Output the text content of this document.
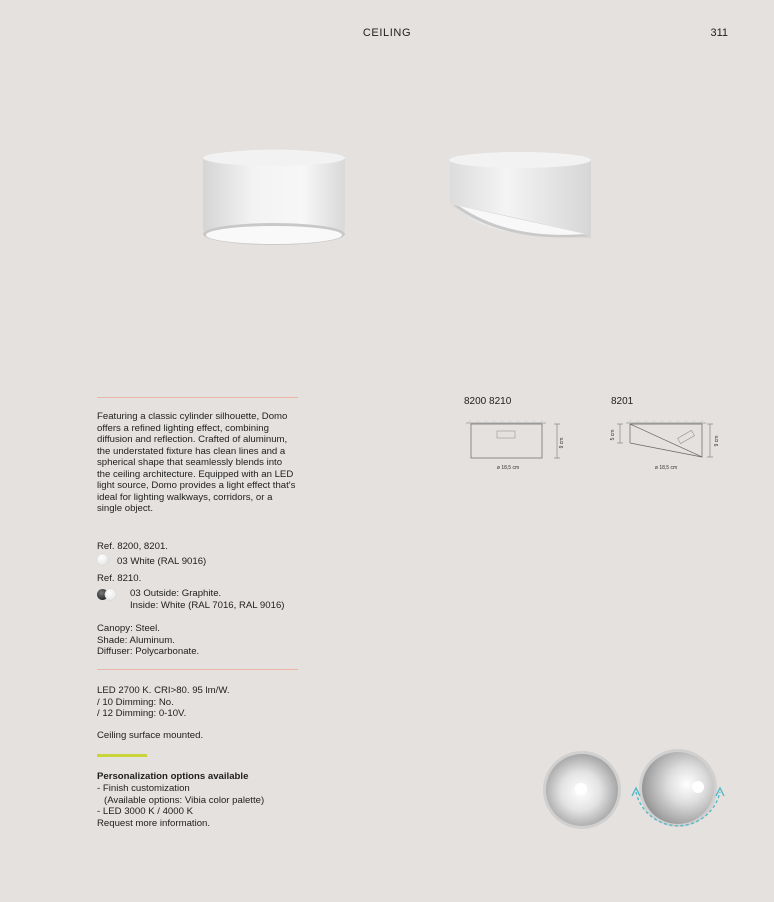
CEILING	311
Featuring a classic cylinder silhouette, Domo offers a refined lighting effect, combining diffusion and reflection. Crafted of aluminum, the understated fixture has clean lines and a spherical shape that seamlessly blends into the ceiling architecture. Equipped with an LED light source, Domo provides a light effect that's ideal for lighting walkways, corridors, or a single object.
Ref. 8200, 8201.
03 White (RAL 9016)
Ref. 8210.
03 Outside: Graphite.
Inside: White (RAL 7016, RAL 9016)
Canopy: Steel.
Shade: Aluminum.
Diffuser: Polycarbonate.
LED 2700 K. CRI>80. 95 lm/W.
/ 10 Dimming: No.
/ 12 Dimming: 0-10V.
Ceiling surface mounted.
Personalization options available
- Finish customization
(Available options: Vibia color palette)
- LED 3000 K / 4000 K
Request more information.
8200 8210	8201
9 cm
ø 18,5 cm
5 cm
9 cm
ø 18,5 cm
